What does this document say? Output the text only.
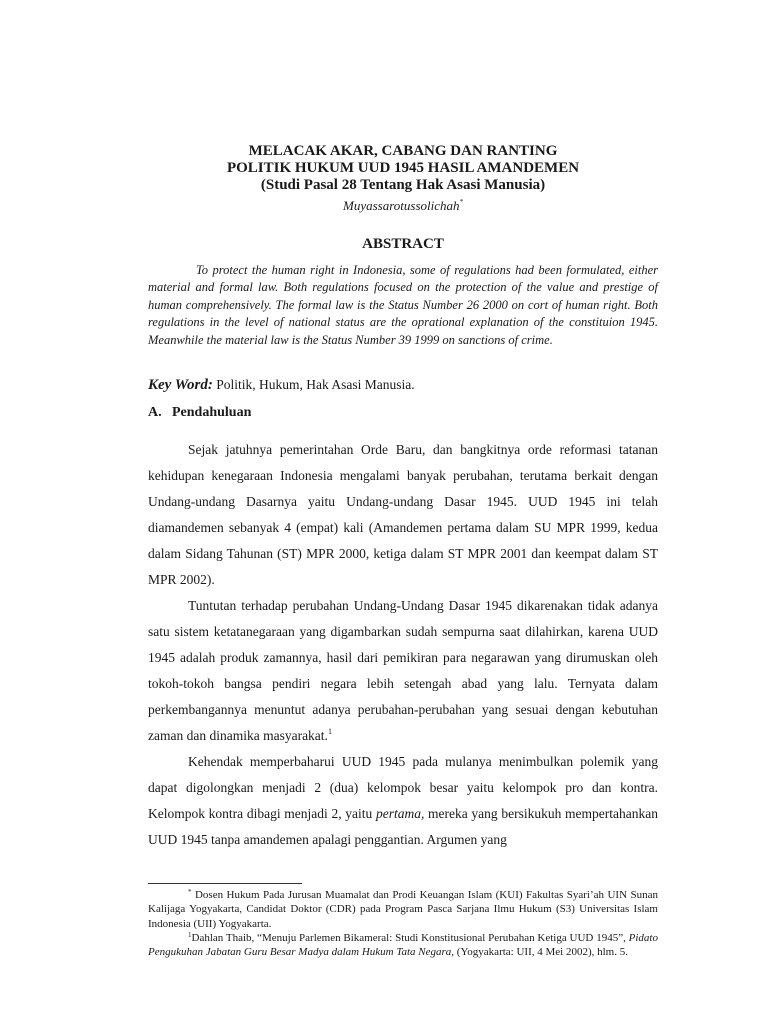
MELACAK AKAR, CABANG DAN RANTING
POLITIK HUKUM UUD 1945 HASIL AMANDEMEN
(Studi Pasal 28 Tentang Hak Asasi Manusia)
Muyassarotussolichah*
ABSTRACT

To protect the human right in Indonesia, some of regulations had been formulated, either material and formal law. Both regulations focused on the protection of the value and prestige of human comprehensively. The formal law is the Status Number 26 2000 on cort of human right. Both regulations in the level of national status are the oprational explanation of the constituion 1945. Meanwhile the material law is the Status Number 39 1999 on sanctions of crime.

Key Word: Politik, Hukum, Hak Asasi Manusia.
A. Pendahuluan

Sejak jatuhnya pemerintahan Orde Baru, dan bangkitnya orde reformasi tatanan kehidupan kenegaraan Indonesia mengalami banyak perubahan, terutama berkait dengan Undang-undang Dasarnya yaitu Undang-undang Dasar 1945. UUD 1945 ini telah diamandemen sebanyak 4 (empat) kali (Amandemen pertama dalam SU MPR 1999, kedua dalam Sidang Tahunan (ST) MPR 2000, ketiga dalam ST MPR 2001 dan keempat dalam ST MPR 2002).

Tuntutan terhadap perubahan Undang-Undang Dasar 1945 dikarenakan tidak adanya satu sistem ketatanegaraan yang digambarkan sudah sempurna saat dilahirkan, karena UUD 1945 adalah produk zamannya, hasil dari pemikiran para negarawan yang dirumuskan oleh tokoh-tokoh bangsa pendiri negara lebih setengah abad yang lalu. Ternyata dalam perkembangannya menuntut adanya perubahan-perubahan yang sesuai dengan kebutuhan zaman dan dinamika masyarakat.$^1$

Kehendak memperbaharui UUD 1945 pada mulanya menimbulkan polemik yang dapat digolongkan menjadi 2 (dua) kelompok besar yaitu kelompok pro dan kontra. Kelompok kontra dibagi menjadi 2, yaitu pertama, mereka yang bersikukuh mempertahankan UUD 1945 tanpa amandemen apalagi penggantian. Argumen yang

* Dosen Hukum Pada Jurusan Muamalat dan Prodi Keuangan Islam (KUI) Fakultas Syari’ah UIN Sunan Kalijaga Yogyakarta, Candidat Doktor (CDR) pada Program Pasca Sarjana Ilmu Hukum (S3) Universitas Islam Indonesia (UII) Yogyakarta.

$^1$Dahlan Thaib, “Menuju Parlemen Bikameral: Studi Konstitusional Perubahan Ketiga UUD 1945”, Pidato Pengukuhan Jabatan Guru Besar Madya dalam Hukum Tata Negara, (Yogyakarta: UII, 4 Mei 2002), hlm. 5.
